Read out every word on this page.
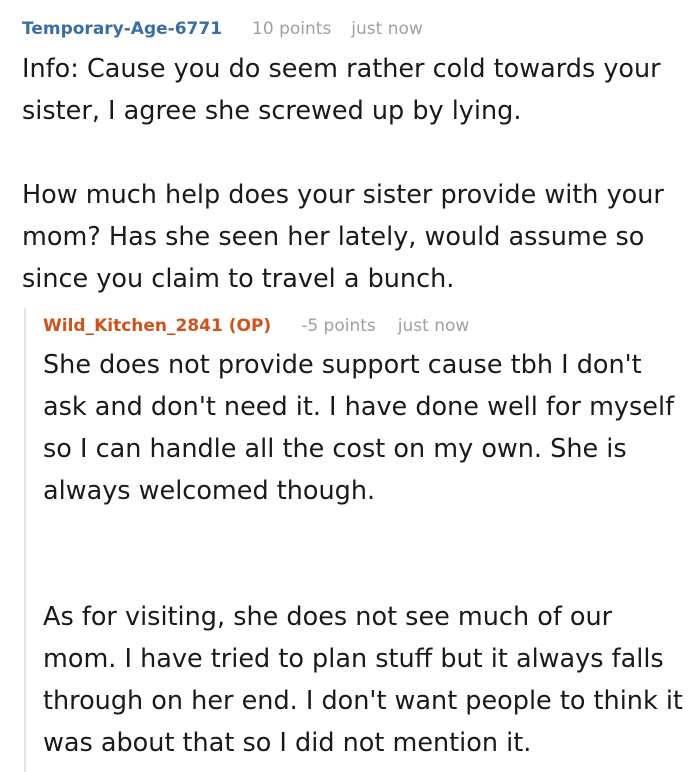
Temporary-Age-6771 10 points just now

Info: Cause you do seem rather cold towards your sister, I agree she screwed up by lying.

How much help does your sister provide with your mom? Has she seen her lately, would assume so since you claim to travel a bunch.

Wild_Kitchen_2841 (OP) -5 points just now

She does not provide support cause tbh I don't ask and don't need it. I have done well for myself so I can handle all the cost on my own. She is always welcomed though.

As for visiting, she does not see much of our mom. I have tried to plan stuff but it always falls through on her end. I don't want people to think it was about that so I did not mention it.
